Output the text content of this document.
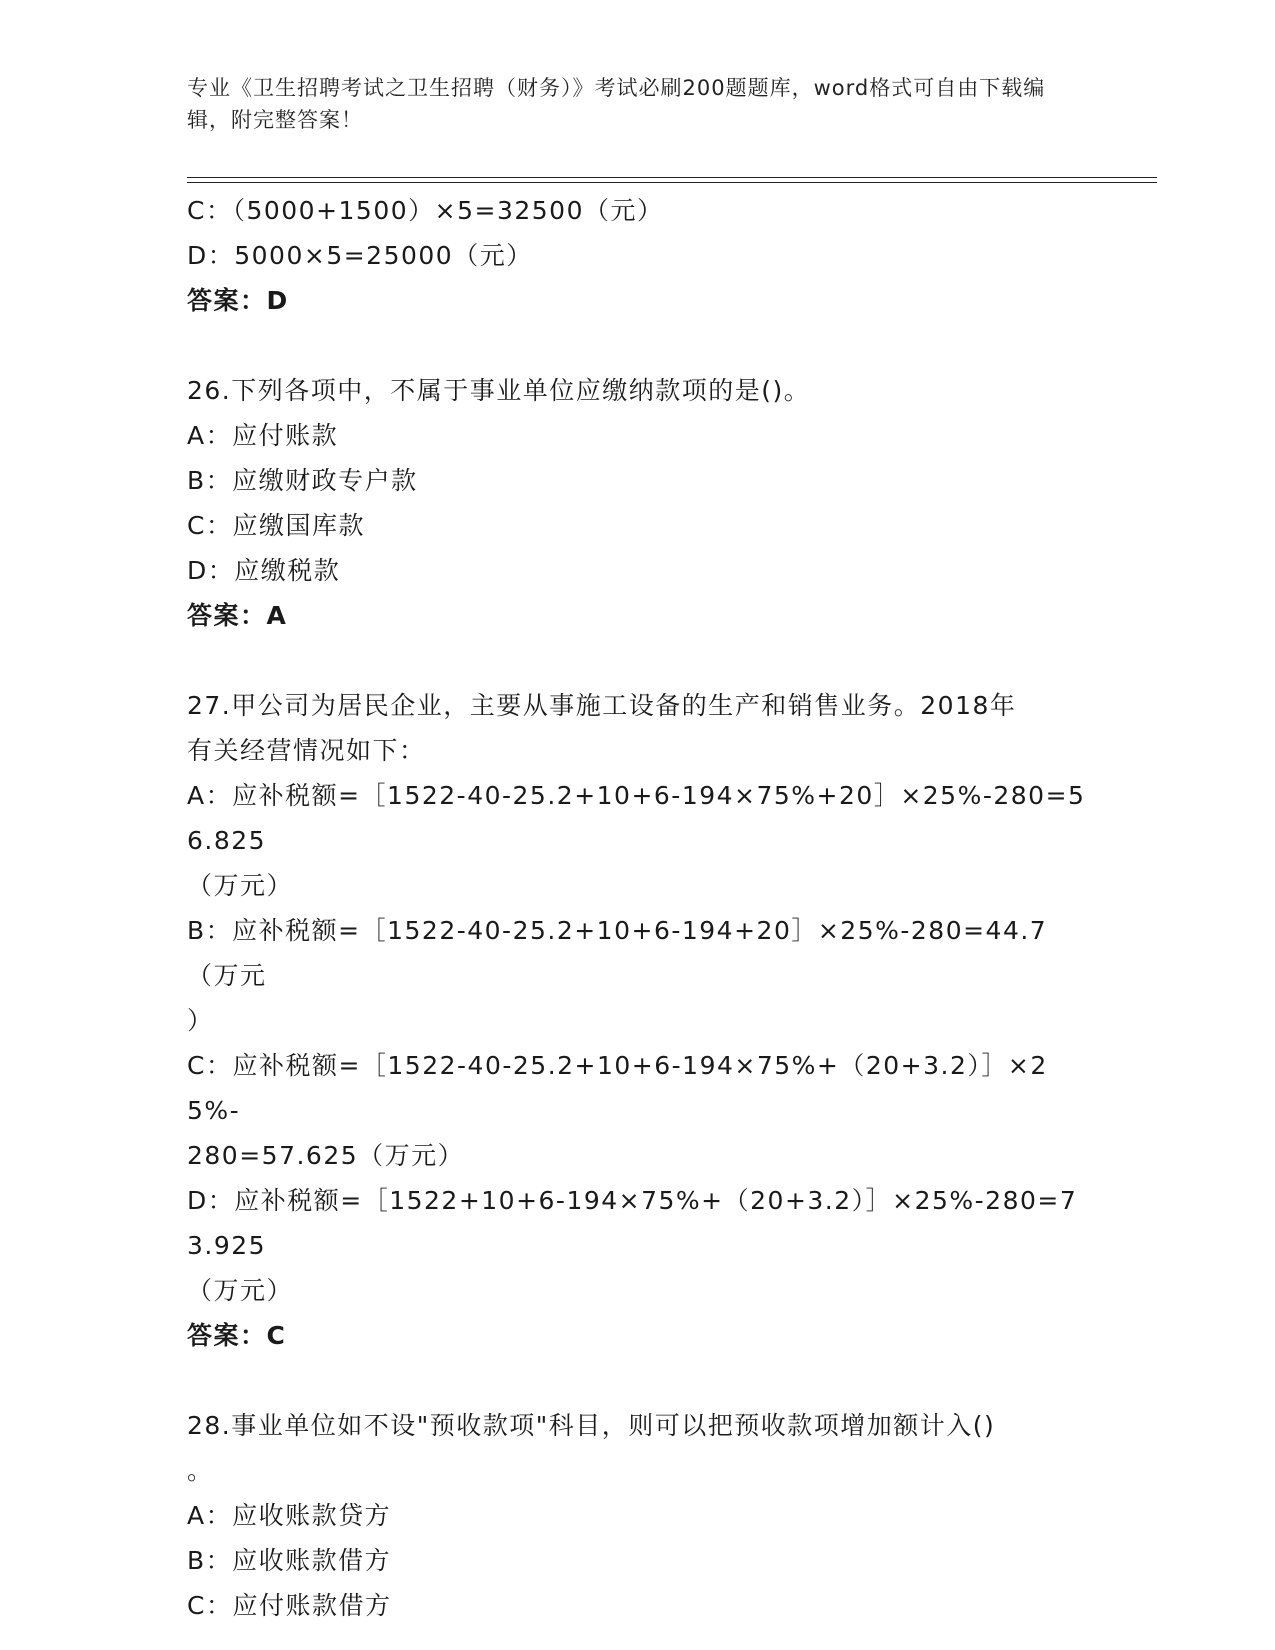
专业《卫生招聘考试之卫生招聘（财务）》考试必刷200题题库，word格式可自由下载编辑，附完整答案！
C：（5000+1500）×5=32500（元）
D：5000×5=25000（元）
答案：D
26.下列各项中，不属于事业单位应缴纳款项的是()。
A：应付账款
B：应缴财政专户款
C：应缴国库款
D：应缴税款
答案：A
27.甲公司为居民企业，主要从事施工设备的生产和销售业务。2018年
有关经营情况如下：
A：应补税额=［1522-40-25.2+10+6-194×75%+20］×25%-280=56.825
（万元）
B：应补税额=［1522-40-25.2+10+6-194+20］×25%-280=44.7（万元
）
C：应补税额=［1522-40-25.2+10+6-194×75%+（20+3.2）］×25%-
280=57.625（万元）
D：应补税额=［1522+10+6-194×75%+（20+3.2）］×25%-280=73.925
（万元）
答案：C
28.事业单位如不设"预收款项"科目，则可以把预收款项增加额计入()
。
A：应收账款贷方
B：应收账款借方
C：应付账款借方
